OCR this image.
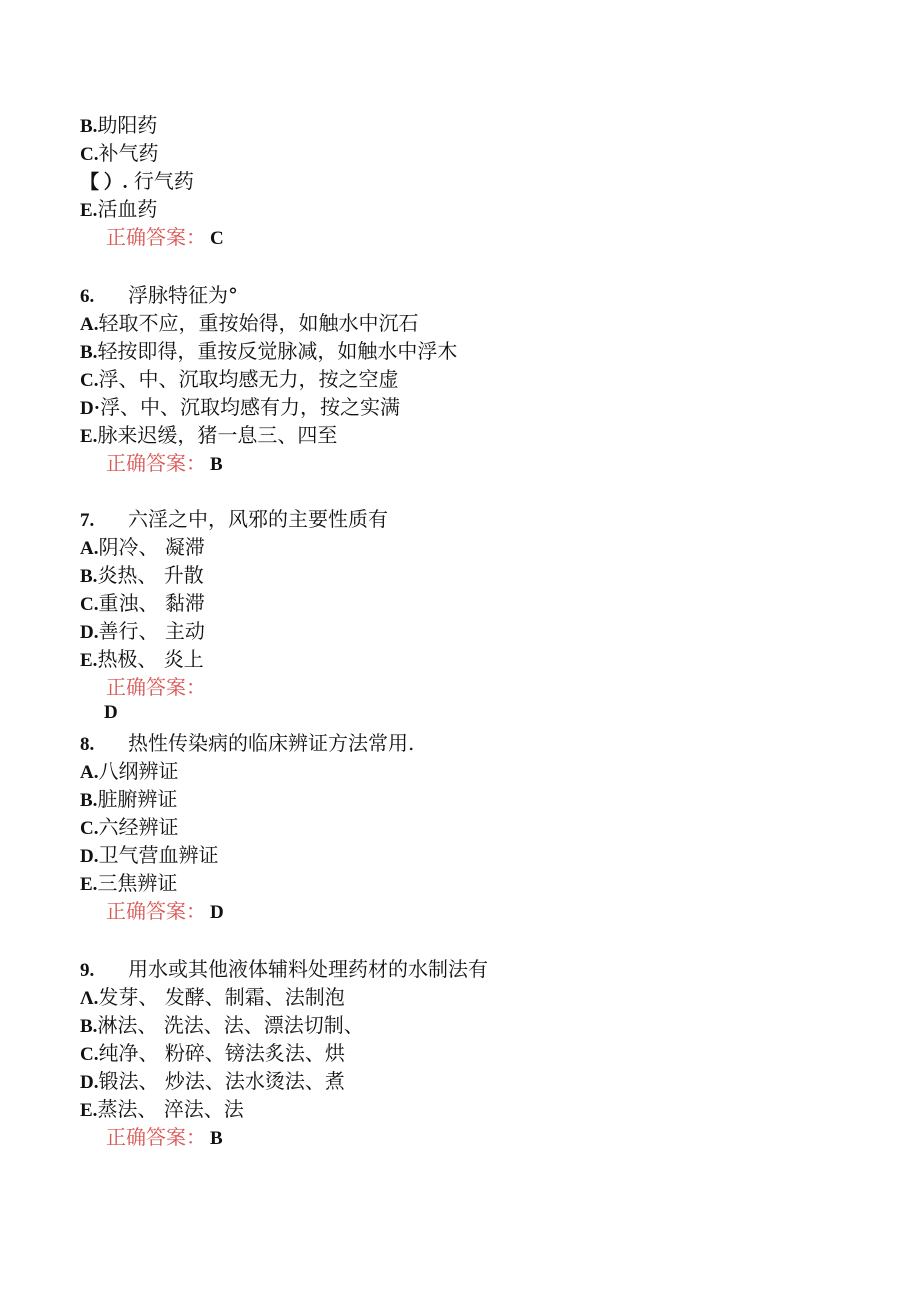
B.助阳药
C.补气药
【 ）. 行气药
E.活血药
正确答案： C
6. 浮脉特征为°
A.轻取不应，重按始得，如触水中沉石
B.轻按即得，重按反觉脉减，如触水中浮木
C.浮、中、沉取均感无力，按之空虚
D·浮、中、沉取均感有力，按之实满
E.脉来迟缓，猪一息三、四至
正确答案： B
7. 六淫之中，风邪的主要性质有
A.阴冷、 凝滞
B.炎热、 升散
C.重浊、 黏滞
D.善行、 主动
E.热极、 炎上
正确答案：
D
8. 热性传染病的临床辨证方法常用.
A.八纲辨证
B.脏腑辨证
C.六经辨证
D.卫气营血辨证
E.三焦辨证
正确答案： D
9. 用水或其他液体辅料处理药材的水制法有
Λ.发芽、 发酵、制霜、法制泡
B.淋法、 洗法、法、漂法切制、
C.纯净、 粉碎、镑法炙法、烘
D.锻法、 炒法、法水烫法、煮
E.蒸法、 淬法、法
正确答案： B
